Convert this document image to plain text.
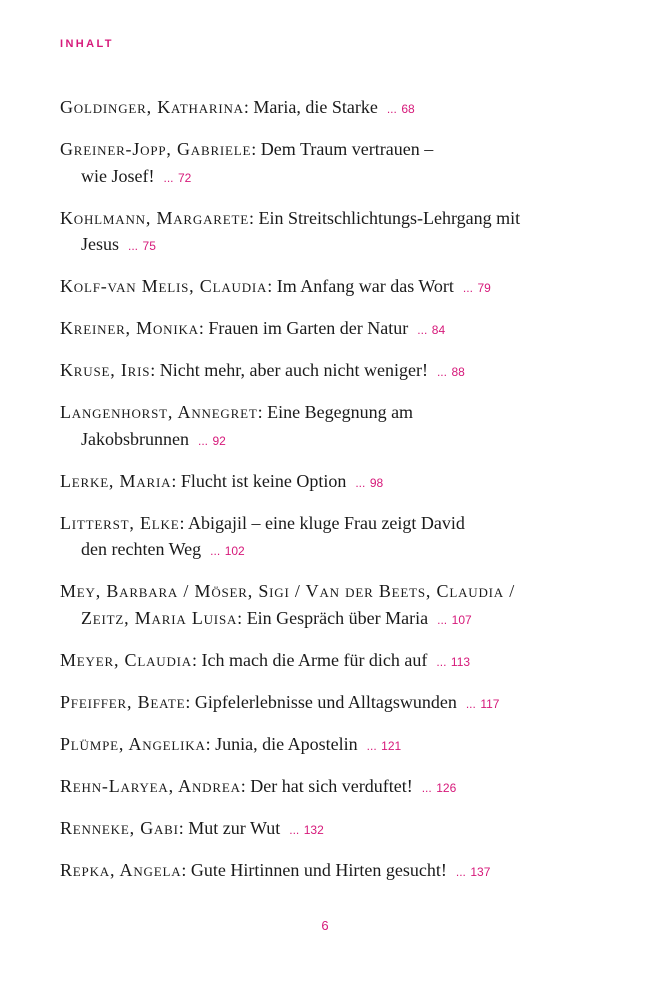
INHALT
Goldinger, Katharina: Maria, die Starke ... 68
Greiner-Jopp, Gabriele: Dem Traum vertrauen –
wie Josef! ... 72
Kohlmann, Margarete: Ein Streitschlichtungs-Lehrgang mit
Jesus ... 75
Kolf-van Melis, Claudia: Im Anfang war das Wort ... 79
Kreiner, Monika: Frauen im Garten der Natur ... 84
Kruse, Iris: Nicht mehr, aber auch nicht weniger! ... 88
Langenhorst, Annegret: Eine Begegnung am
Jakobsbrunnen ... 92
Lerke, Maria: Flucht ist keine Option ... 98
Litterst, Elke: Abigajil – eine kluge Frau zeigt David
den rechten Weg ... 102
Mey, Barbara / Möser, Sigi / Van der Beets, Claudia /
Zeitz, Maria Luisa: Ein Gespräch über Maria ... 107
Meyer, Claudia: Ich mach die Arme für dich auf ... 113
Pfeiffer, Beate: Gipfelerlebnisse und Alltagswunden ... 117
Plümpe, Angelika: Junia, die Apostelin ... 121
Rehn-Laryea, Andrea: Der hat sich verduftet! ... 126
Renneke, Gabi: Mut zur Wut ... 132
Repka, Angela: Gute Hirtinnen und Hirten gesucht! ... 137
6
